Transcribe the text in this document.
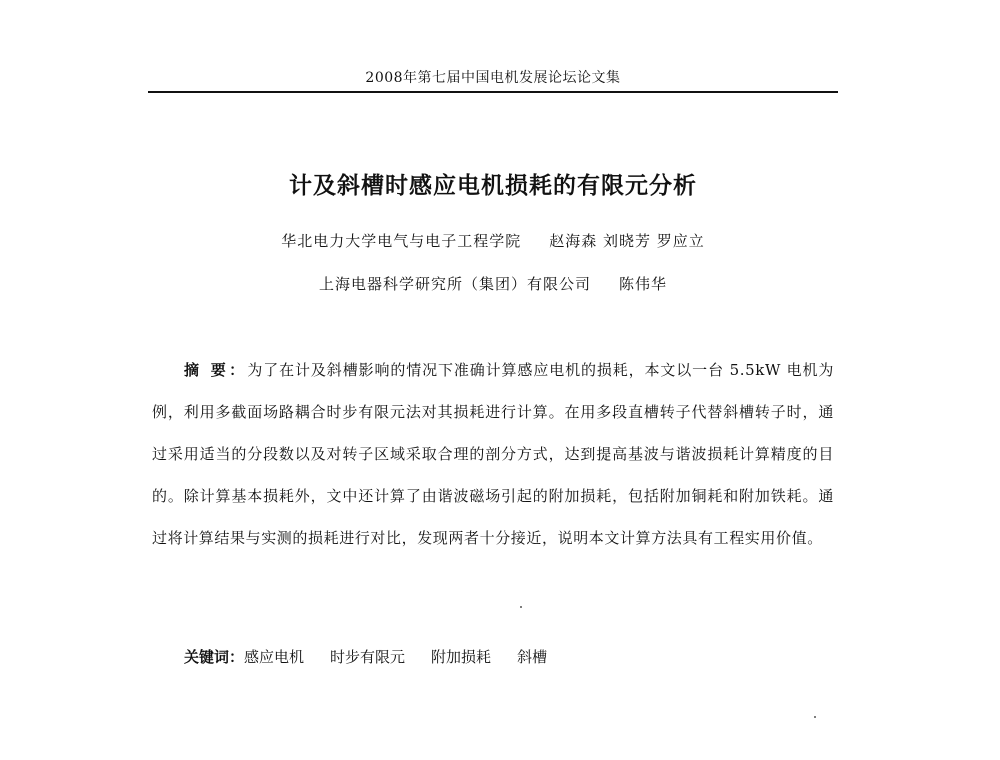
2008年第七届中国电机发展论坛论文集
计及斜槽时感应电机损耗的有限元分析
华北电力大学电气与电子工程学院 赵海森 刘晓芳 罗应立
上海电器科学研究所（集团）有限公司 陈伟华
摘 要：为了在计及斜槽影响的情况下准确计算感应电机的损耗，本文以一台 5.5kW 电机为例，利用多截面场路耦合时步有限元法对其损耗进行计算。在用多段直槽转子代替斜槽转子时，通过采用适当的分段数以及对转子区域采取合理的剖分方式，达到提高基波与谐波损耗计算精度的目的。除计算基本损耗外，文中还计算了由谐波磁场引起的附加损耗，包括附加铜耗和附加铁耗。通过将计算结果与实测的损耗进行对比，发现两者十分接近，说明本文计算方法具有工程实用价值。
关键词：感应电机 时步有限元 附加损耗 斜槽
